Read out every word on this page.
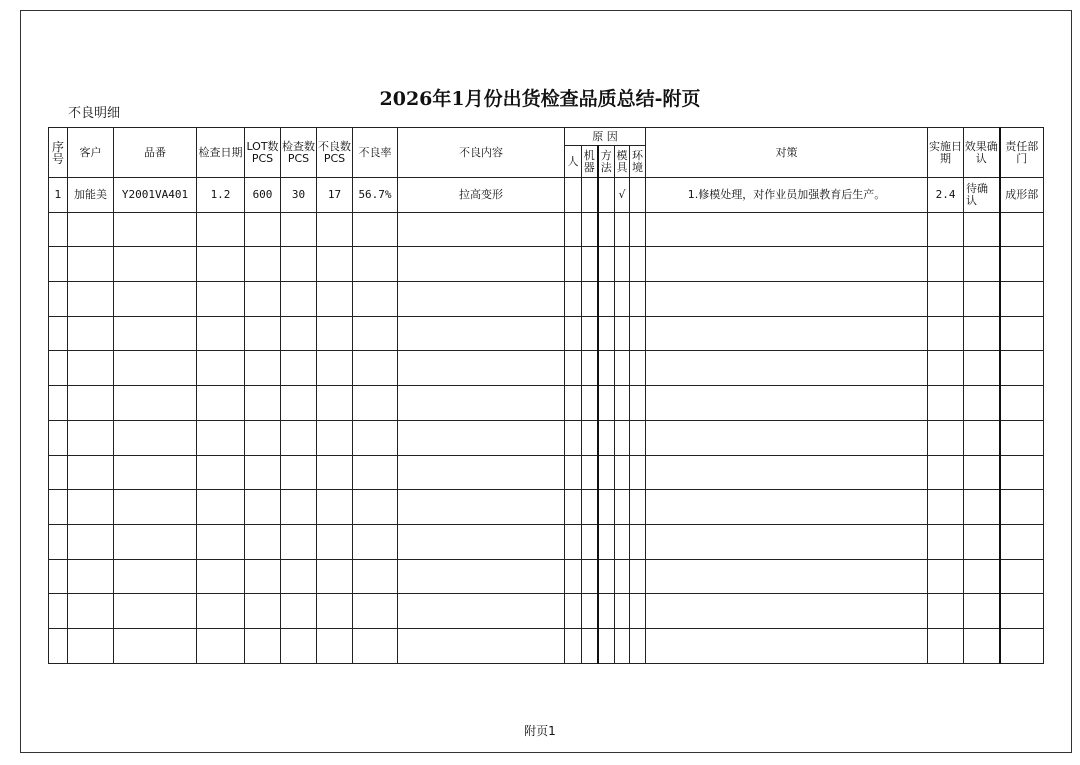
2026年1月份出货检查品质总结-附页
不良明细
序号	客户	品番	检查日期	LOT数PCS	检查数PCS	不良数PCS	不良率	不良内容	原 因					对策	实施日期	效果确认	责任部门
									人	机器	方法	模具	环境				
1	加能美	Y2001VA401	1.2	600	30	17	56.7%	拉高变形				√		1.修模处理，对作业员加强教育后生产。	2.4	待确认	成形部

附页1
